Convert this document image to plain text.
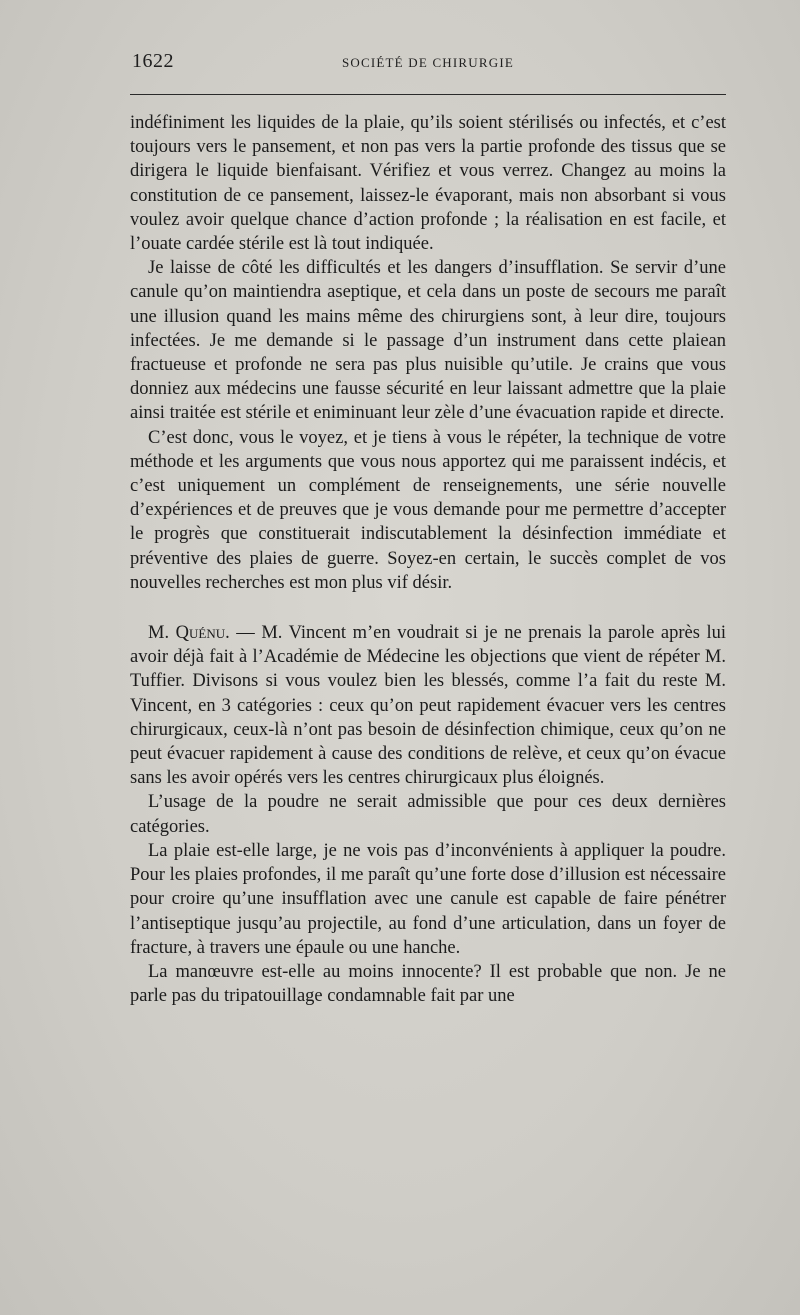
1622	SOCIÉTÉ DE CHIRURGIE

indéfiniment les liquides de la plaie, qu’ils soient stérilisés ou infectés, et c’est toujours vers le pansement, et non pas vers la partie profonde des tissus que se dirigera le liquide bienfaisant. Vérifiez et vous verrez. Changez au moins la constitution de ce pansement, laissez-le évaporant, mais non absorbant si vous voulez avoir quelque chance d’action profonde ; la réalisation en est facile, et l’ouate cardée stérile est là tout indiquée.

Je laisse de côté les difficultés et les dangers d’insufflation. Se servir d’une canule qu’on maintiendra aseptique, et cela dans un poste de secours me paraît une illusion quand les mains même des chirurgiens sont, à leur dire, toujours infectées. Je me demande si le passage d’un instrument dans cette plaiean fractueuse et profonde ne sera pas plus nuisible qu’utile. Je crains que vous donniez aux médecins une fausse sécurité en leur laissant admettre que la plaie ainsi traitée est stérile et eniminuant leur zèle d’une évacuation rapide et directe.

C’est donc, vous le voyez, et je tiens à vous le répéter, la technique de votre méthode et les arguments que vous nous apportez qui me paraissent indécis, et c’est uniquement un complément de renseignements, une série nouvelle d’expériences et de preuves que je vous demande pour me permettre d’accepter le progrès que constituerait indiscutablement la désinfection immédiate et préventive des plaies de guerre. Soyez-en certain, le succès complet de vos nouvelles recherches est mon plus vif désir.

M. Quénu. — M. Vincent m’en voudrait si je ne prenais la parole après lui avoir déjà fait à l’Académie de Médecine les objections que vient de répéter M. Tuffier. Divisons si vous voulez bien les blessés, comme l’a fait du reste M. Vincent, en 3 catégories : ceux qu’on peut rapidement évacuer vers les centres chirurgicaux, ceux-là n’ont pas besoin de désinfection chimique, ceux qu’on ne peut évacuer rapidement à cause des conditions de relève, et ceux qu’on évacue sans les avoir opérés vers les centres chirurgicaux plus éloignés.

L’usage de la poudre ne serait admissible que pour ces deux dernières catégories.

La plaie est-elle large, je ne vois pas d’inconvénients à appliquer la poudre. Pour les plaies profondes, il me paraît qu’une forte dose d’illusion est nécessaire pour croire qu’une insufflation avec une canule est capable de faire pénétrer l’antiseptique jusqu’au projectile, au fond d’une articulation, dans un foyer de fracture, à travers une épaule ou une hanche.

La manœuvre est-elle au moins innocente? Il est probable que non. Je ne parle pas du tripatouillage condamnable fait par une
